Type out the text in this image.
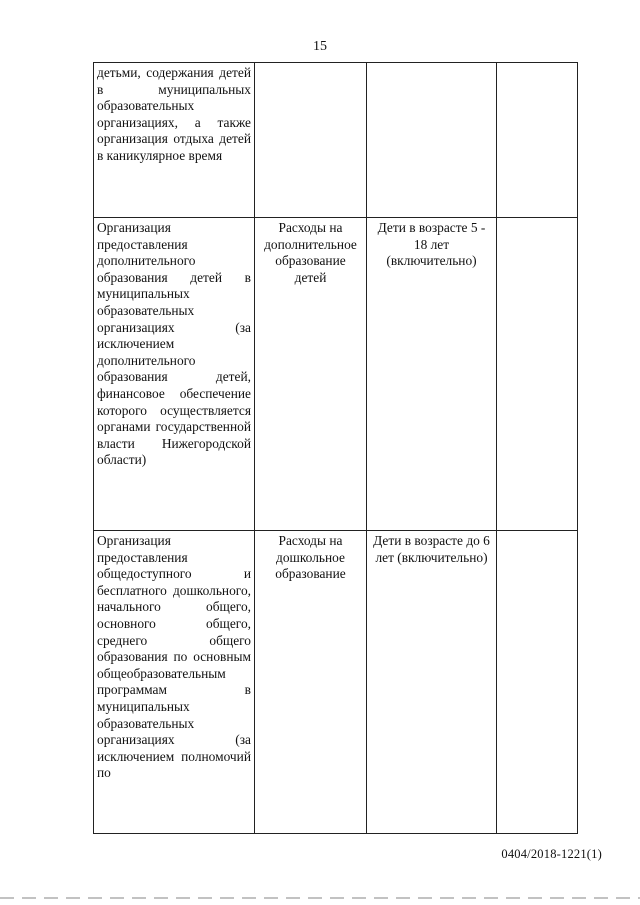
15
детьми, содержания детей в муниципальных образовательных организациях, а также организация отдыха детей в каникулярное время			
Организация предоставления дополнительного образования детей в муниципальных образовательных организациях (за исключением дополнительного образования детей, финансовое обеспечение которого осуществляется органами государственной власти Нижегородской области)	Расходы на дополнительное образование детей	Дети в возрасте 5 - 18 лет (включительно)	
Организация предоставления общедоступного и бесплатного дошкольного, начального общего, основного общего, среднего общего образования по основным общеобразовательным программам в муниципальных образовательных организациях (за исключением полномочий по	Расходы на дошкольное образование	Дети в возрасте до 6 лет (включительно)	
0404/2018-1221(1)
